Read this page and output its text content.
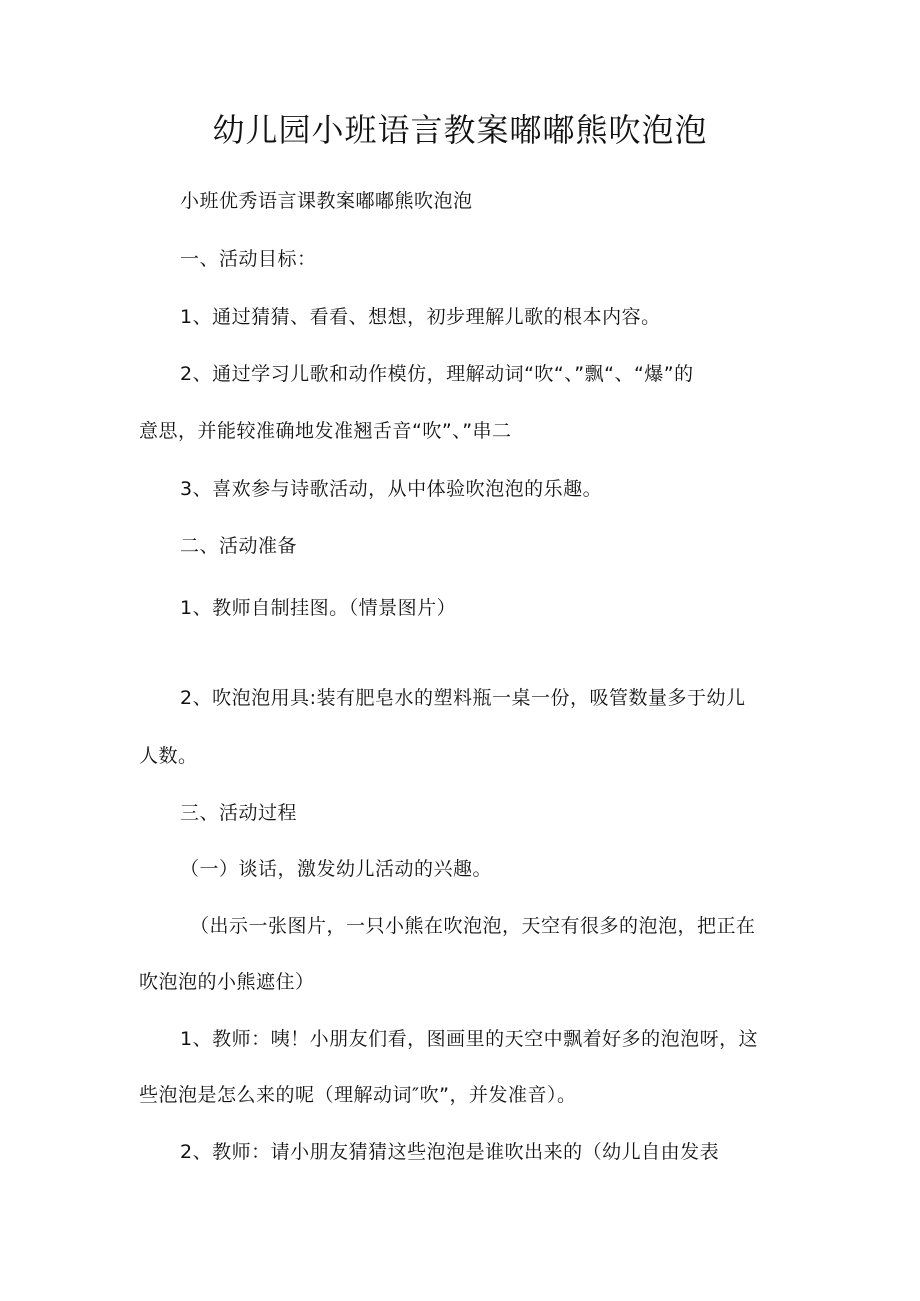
幼儿园小班语言教案嘟嘟熊吹泡泡
小班优秀语言课教案嘟嘟熊吹泡泡
一、活动目标：
1、通过猜猜、看看、想想，初步理解儿歌的根本内容。
2、通过学习儿歌和动作模仿，理解动词“吹“、”飘“、“爆”的
意思，并能较准确地发准翘舌音“吹”、”串二
3、喜欢参与诗歌活动，从中体验吹泡泡的乐趣。
二、活动准备
1、教师自制挂图。（情景图片）
2、吹泡泡用具:装有肥皂水的塑料瓶一桌一份，吸管数量多于幼儿
人数。
三、活动过程
（一）谈话，激发幼儿活动的兴趣。
（出示一张图片，一只小熊在吹泡泡，天空有很多的泡泡，把正在
吹泡泡的小熊遮住）
1、教师：咦！小朋友们看，图画里的天空中飘着好多的泡泡呀，这
些泡泡是怎么来的呢（理解动词″吹”，并发准音）。
2、教师：请小朋友猜猜这些泡泡是谁吹出来的（幼儿自由发表
